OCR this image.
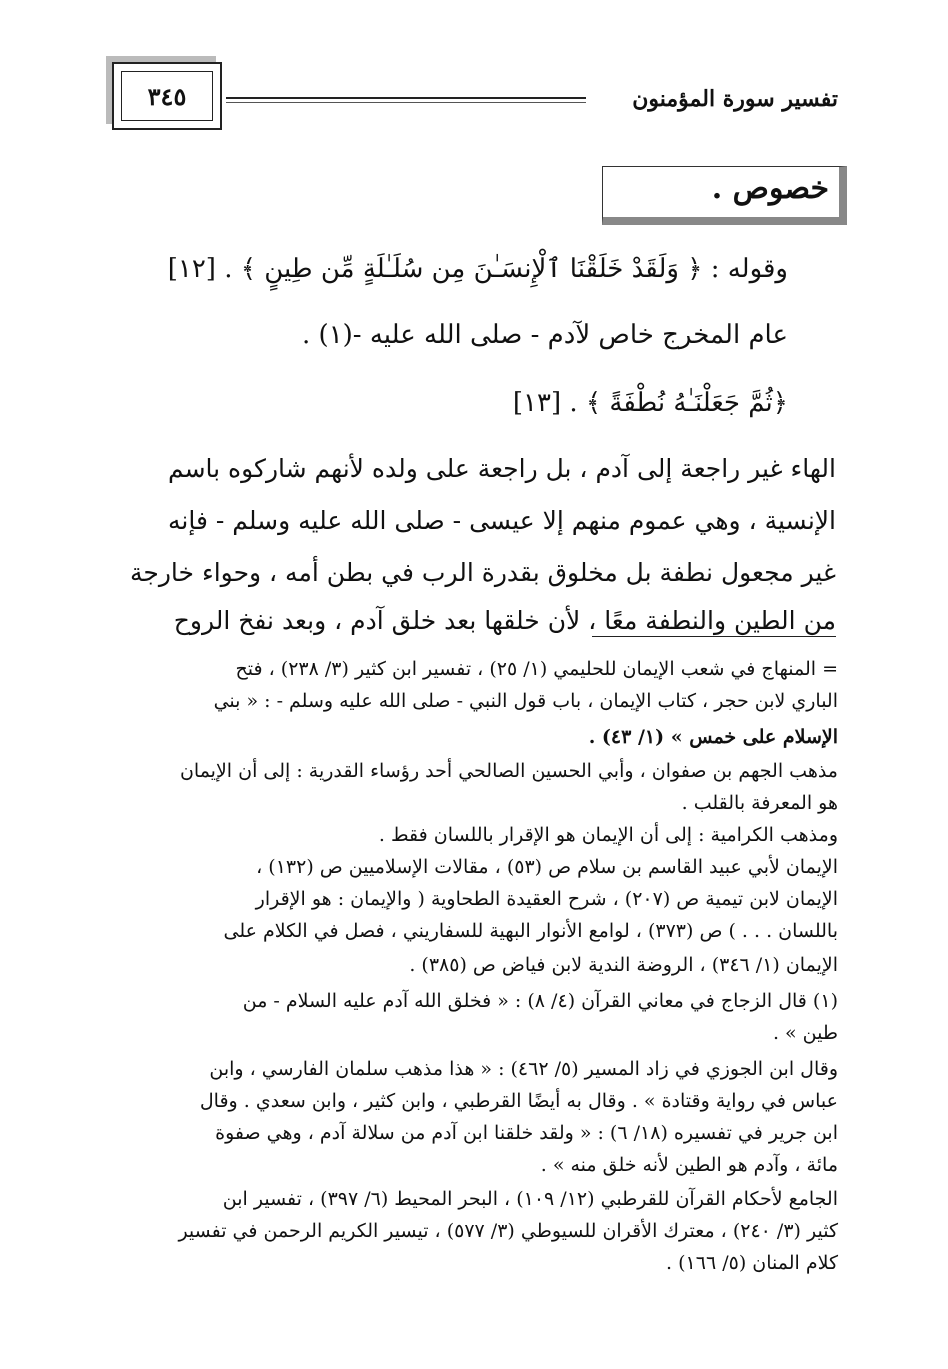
٣٤٥	تفسير سورة المؤمنون
خصوص .
وقوله : ﴿ وَلَقَدْ خَلَقْنَا ٱلْإِنسَـٰنَ مِن سُلَـٰلَةٍ مِّن طِينٍ ﴾ . [١٢]
عام المخرج خاص لآدم - صلى الله عليه -(١) .
﴿ثُمَّ جَعَلْنَـٰهُ نُطْفَةً ﴾ . [١٣]
الهاء غير راجعة إلى آدم ، بل راجعة على ولده لأنهم شاركوه باسم
الإنسية ، وهي عموم منهم إلا عيسى - صلى الله عليه وسلم - فإنه
غير مجعول نطفة بل مخلوق بقدرة الرب في بطن أمه ، وحواء خارجة
من الطين والنطفة معًا ، لأن خلقها بعد خلق آدم ، وبعد نفخ الروح
= المنهاج في شعب الإيمان للحليمي (١/ ٢٥) ، تفسير ابن كثير (٣/ ٢٣٨) ، فتح
الباري لابن حجر ، كتاب الإيمان ، باب قول النبي - صلى الله عليه وسلم - : « بني
الإسلام على خمس » (١/ ٤٣) .
مذهب الجهم بن صفوان ، وأبي الحسين الصالحي أحد رؤساء القدرية : إلى أن الإيمان
هو المعرفة بالقلب .
ومذهب الكرامية : إلى أن الإيمان هو الإقرار باللسان فقط .
الإيمان لأبي عبيد القاسم بن سلام ص (٥٣) ، مقالات الإسلاميين ص (١٣٢) ،
الإيمان لابن تيمية ص (٢٠٧) ، شرح العقيدة الطحاوية ( والإيمان : هو الإقرار
باللسان . . . ) ص (٣٧٣) ، لوامع الأنوار البهية للسفاريني ، فصل في الكلام على
الإيمان (١/ ٣٤٦) ، الروضة الندية لابن فياض ص (٣٨٥) .
(١) قال الزجاج في معاني القرآن (٤/ ٨) : « فخلق الله آدم عليه السلام - من
طين » .
وقال ابن الجوزي في زاد المسير (٥/ ٤٦٢) : « هذا مذهب سلمان الفارسي ، وابن
عباس في رواية وقتادة » . وقال به أيضًا القرطبي ، وابن كثير ، وابن سعدي . وقال
ابن جرير في تفسيره (١٨/ ٦) : « ولقد خلقنا ابن آدم من سلالة آدم ، وهي صفوة
مائة ، وآدم هو الطين لأنه خلق منه » .
الجامع لأحكام القرآن للقرطبي (١٢/ ١٠٩) ، البحر المحيط (٦/ ٣٩٧) ، تفسير ابن
كثير (٣/ ٢٤٠) ، معترك الأقران للسيوطي (٣/ ٥٧٧) ، تيسير الكريم الرحمن في تفسير
كلام المنان (٥/ ١٦٦) .
